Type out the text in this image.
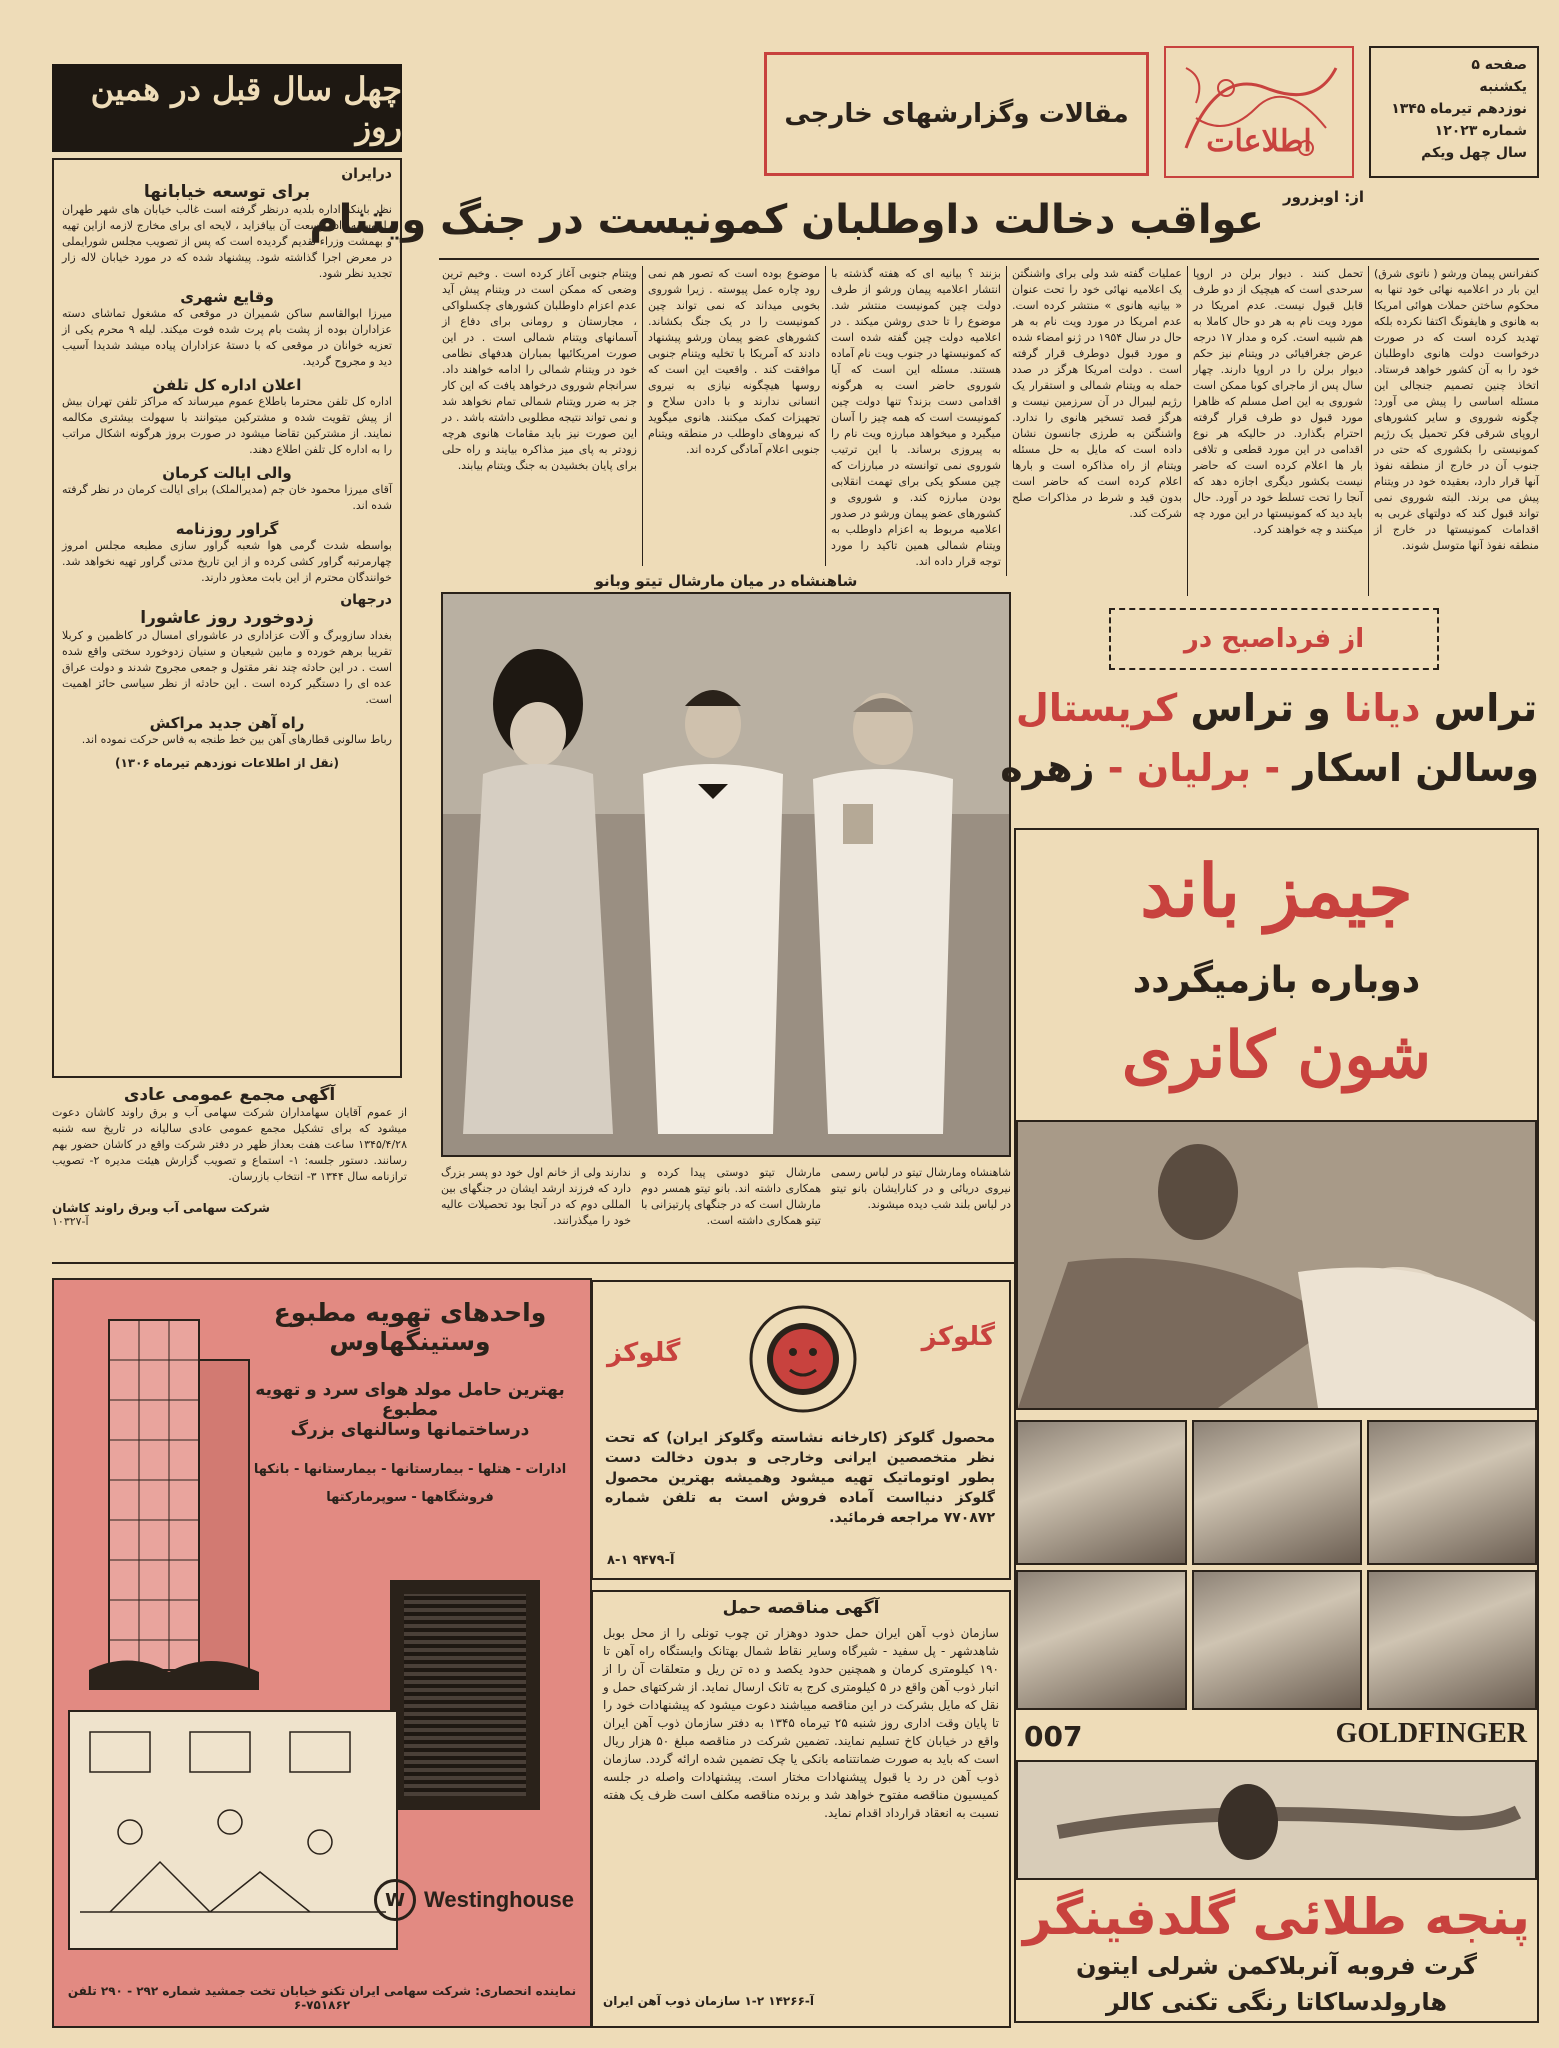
صفحه ۵
یکشنبه
نوزدهم تیرماه ۱۳۴۵
شماره ۱۲۰۲۳
سال چهل ویکم
اطلاعات
مقالات وگزارشهای خارجی
چهل سال قبل در همین روز
از: اوبزرور
عواقب دخالت داوطلبان کمونیست در جنگ ویتنام
کنفرانس پیمان ورشو ( ناتوی شرق) این بار در اعلامیه نهائی خود تنها به محکوم ساختن حملات هوائی امریکا به هانوی و هایفونگ اکتفا نکرده بلکه تهدید کرده است که در صورت درخواست دولت هانوی داوطلبان خود را به آن کشور خواهد فرستاد. اتخاذ چنین تصمیم جنجالی این مسئله اساسی را پیش می آورد: چگونه شوروی و سایر کشورهای اروپای شرقی فکر تحمیل یک رژیم کمونیستی را بکشوری که حتی در جنوب آن در خارج از منطقه نفوذ آنها قرار دارد، بعقیده خود در ویتنام پیش می برند. البته شوروی نمی تواند قبول کند که دولتهای غربی به اقدامات کمونیستها در خارج از منطقه نفوذ آنها متوسل شوند.
تحمل کنند . دیوار برلن در اروپا سرحدی است که هیچیک از دو طرف قابل قبول نیست. عدم امریکا در مورد ویت نام به هر دو حال کاملا به هم شبیه است. کره و مدار ۱۷ درجه عرض جغرافیائی در ویتنام نیز حکم دیوار برلن را در اروپا دارند. چهار سال پس از ماجرای کوبا ممکن است شوروی به این اصل مسلم که ظاهرا مورد قبول دو طرف قرار گرفته احترام بگذارد. در حالیکه هر نوع اقدامی در این مورد قطعی و تلافی بار ها اعلام کرده است که حاضر نیست بکشور دیگری اجازه دهد که آنجا را تحت تسلط خود در آورد. حال باید دید که کمونیستها در این مورد چه میکنند و چه خواهند کرد.
عملیات گفته شد ولی برای واشنگتن یک اعلامیه نهائی خود را تحت عنوان « بیانیه هانوی » منتشر کرده است. عدم امریکا در مورد ویت نام به هر حال در سال ۱۹۵۴ در ژنو امضاء شده و مورد قبول دوطرف قرار گرفته است . دولت امریکا هرگز در صدد حمله به ویتنام شمالی و استقرار یک رژیم لیبرال در آن سرزمین نیست و هرگز قصد تسخیر هانوی را ندارد. واشنگتن به طرزی جانسون نشان داده است که مایل به حل مسئله ویتنام از راه مذاکره است و بارها اعلام کرده است که حاضر است بدون قید و شرط در مذاکرات صلح شرکت کند.
بزنند ؟ بیانیه ای که هفته گذشته با انتشار اعلامیه پیمان ورشو از طرف دولت چین کمونیست منتشر شد. موضوع را تا حدی روشن میکند . در اعلامیه دولت چین گفته شده است که کمونیستها در جنوب ویت نام آماده هستند. مسئله این است که آیا شوروی حاضر است به هرگونه اقدامی دست بزند؟ تنها دولت چین کمونیست است که همه چیز را آسان میگیرد و میخواهد مبارزه ویت نام را به پیروزی برساند. با این ترتیب شوروی نمی توانسته در مبارزات که چین مسکو یکی برای تهمت انقلابی بودن مبارزه کند. و شوروی و کشورهای عضو پیمان ورشو در صدور اعلامیه مربوط به اعزام داوطلب به ویتنام شمالی همین تاکید را مورد توجه قرار داده اند.
موضوع بوده است که تصور هم نمی رود چاره عمل پیوسته . زیرا شوروی بخوبی میداند که نمی تواند چین کمونیست را در یک جنگ بکشاند. کشورهای عضو پیمان ورشو پیشنهاد دادند که آمریکا با تخلیه ویتنام جنوبی موافقت کند . واقعیت این است که روسها هیچگونه نیازی به نیروی انسانی ندارند و با دادن سلاح و تجهیزات کمک میکنند. هانوی میگوید که نیروهای داوطلب در منطقه ویتنام جنوبی اعلام آمادگی کرده اند.
ویتنام جنوبی آغاز کرده است . وخیم ترین وضعی که ممکن است در ویتنام پیش آید عدم اعزام داوطلبان کشورهای چکسلواکی ، مجارستان و رومانی برای دفاع از آسمانهای ویتنام شمالی است . در این صورت امریکائیها بمباران هدفهای نظامی خود در ویتنام شمالی را ادامه خواهند داد. سرانجام شوروی درخواهد یافت که این کار جز به ضرر ویتنام شمالی تمام نخواهد شد و نمی تواند نتیجه مطلوبی داشته باشد . در این صورت نیز باید مقامات هانوی هرچه زودتر به پای میز مذاکره بیایند و راه حلی برای پایان بخشیدن به جنگ ویتنام بیابند.
شاهنشاه در میان مارشال تیتو وبانو
شاهنشاه ومارشال تیتو در لباس رسمی نیروی دریائی و در کنارایشان بانو تیتو در لباس بلند شب دیده میشوند.
مارشال تیتو دوستی پیدا کرده و همکاری داشته اند. بانو تیتو همسر دوم مارشال است که در جنگهای پارتیزانی با تیتو همکاری داشته است.
ندارند ولی از خانم اول خود دو پسر بزرگ دارد که فرزند ارشد ایشان در جنگهای بین المللی دوم که در آنجا بود تحصیلات عالیه خود را میگذرانند.
درایران
برای توسعه خیابانها
نظر باینکه اداره بلدیه درنظر گرفته است غالب خیابان های شهر طهران را توسعه داده وسعت آن بیافزاید ، لایحه ای برای مخارج لازمه ازاین تهیه و بهمشت وزراء تقدیم گردیده است که پس از تصویب مجلس شورایملی در معرض اجرا گذاشته شود. پیشنهاد شده که در مورد خیابان لاله زار تجدید نظر شود.
وقایع شهری
میرزا ابوالقاسم ساکن شمیران در موقعی که مشغول تماشای دسته عزاداران بوده از پشت بام پرت شده فوت میکند. لیله ۹ محرم یکی از تعزیه خوانان در موقعی که با دستهٔ عزاداران پیاده میشد شدیدا آسیب دید و مجروح گردید.
اعلان اداره کل تلفن
اداره کل تلفن محترما باطلاع عموم میرساند که مراکز تلفن تهران بیش از پیش تقویت شده و مشترکین میتوانند با سهولت بیشتری مکالمه نمایند. از مشترکین تقاضا میشود در صورت بروز هرگونه اشکال مراتب را به اداره کل تلفن اطلاع دهند.
والی ایالت کرمان
آقای میرزا محمود خان جم (مدیرالملک) برای ایالت کرمان در نظر گرفته شده اند.
گراور روزنامه
بواسطه شدت گرمی هوا شعبه گراور سازی مطبعه مجلس امروز چهارمرتبه گراور کشی کرده و از این تاریخ مدتی گراور تهیه نخواهد شد. خوانندگان محترم از این بابت معذور دارند.
درجهان
زدوخورد روز عاشورا
بغداد سازوبرگ و آلات عزاداری در عاشورای امسال در کاظمین و کربلا تقریبا برهم خورده و مابین شیعیان و سنیان زدوخورد سختی واقع شده است . در این حادثه چند نفر مقتول و جمعی مجروح شدند و دولت عراق عده ای را دستگیر کرده است . این حادثه از نظر سیاسی حائز اهمیت است.
راه آهن جدید مراکش
رباط سالونی قطارهای آهن بین خط طنجه به فاس حرکت نموده اند.
(نقل از اطلاعات نوزدهم تیرماه ۱۳۰۶)
آگهی مجمع عمومی عادی
از عموم آقایان سهامداران شرکت سهامی آب و برق راوند کاشان دعوت میشود که برای تشکیل مجمع عمومی عادی سالیانه در تاریخ سه شنبه ۱۳۴۵/۴/۲۸ ساعت هفت بعداز ظهر در دفتر شرکت واقع در کاشان حضور بهم رسانند. دستور جلسه: ۱- استماع و تصویب گزارش هیئت مدیره ۲- تصویب ترازنامه سال ۱۳۴۴ ۳- انتخاب بازرسان.
شرکت سهامی آب وبرق راوند کاشان
آ-۱۰۳۲۷
از فرداصبح در
تراس دیانا و تراس کریستال
وسالن اسکار - برلیان - زهره
جیمز باند
دوباره بازمیگردد
شون کانری
007	GOLDFINGER
پنجه طلائی گلدفینگر
گرت فروبه آنربلاکمن شرلی ایتون
هارولدساکاتا رنگی تکنی کالر
واحدهای تهویه مطبوع وستینگهاوس
بهترین حامل مولد هوای سرد و تهویه مطبوع
درساختمانها وسالنهای بزرگ
ادارات - هتلها - بیمارستانها - بیمارستانها - بانکها
فروشگاهها - سوپرمارکتها
W Westinghouse
نماینده انحصاری: شرکت سهامی ایران تکنو خیابان تخت جمشید شماره ۲۹۲ - ۲۹۰ تلفن ۷۵۱۸۶۲-۶
گلوکز
گلوکز
محصول گلوکز (کارخانه نشاسته وگلوکز ایران) که تحت نظر متخصصین ایرانی وخارجی و بدون دخالت دست بطور اوتوماتیک تهیه میشود وهمیشه بهترین محصول گلوکز دنیااست آماده فروش است به تلفن شماره ۷۷۰۸۷۲ مراجعه فرمائید.
آ-۹۴۷۹ ۱-۸
آگهی مناقصه حمل
سازمان ذوب آهن ایران حمل حدود دوهزار تن چوب تونلی را از محل بوبل شاهدشهر - پل سفید - شیرگاه وسایر نقاط شمال بهتانک وایستگاه راه آهن تا ۱۹۰ کیلومتری کرمان و همچنین حدود یکصد و ده تن ریل و متعلقات آن را از انبار ذوب آهن واقع در ۵ کیلومتری کرج به تانک ارسال نماید. از شرکتهای حمل و نقل که مایل بشرکت در این مناقصه میباشند دعوت میشود که پیشنهادات خود را تا پایان وقت اداری روز شنبه ۲۵ تیرماه ۱۳۴۵ به دفتر سازمان ذوب آهن ایران واقع در خیابان کاخ تسلیم نمایند. تضمین شرکت در مناقصه مبلغ ۵۰ هزار ریال است که باید به صورت ضمانتنامه بانکی یا چک تضمین شده ارائه گردد. سازمان ذوب آهن در رد یا قبول پیشنهادات مختار است. پیشنهادات واصله در جلسه کمیسیون مناقصه مفتوح خواهد شد و برنده مناقصه مکلف است ظرف یک هفته نسبت به انعقاد قرارداد اقدام نماید.
آ-۱۴۲۶۶ ۲-۱ سازمان ذوب آهن ایران
